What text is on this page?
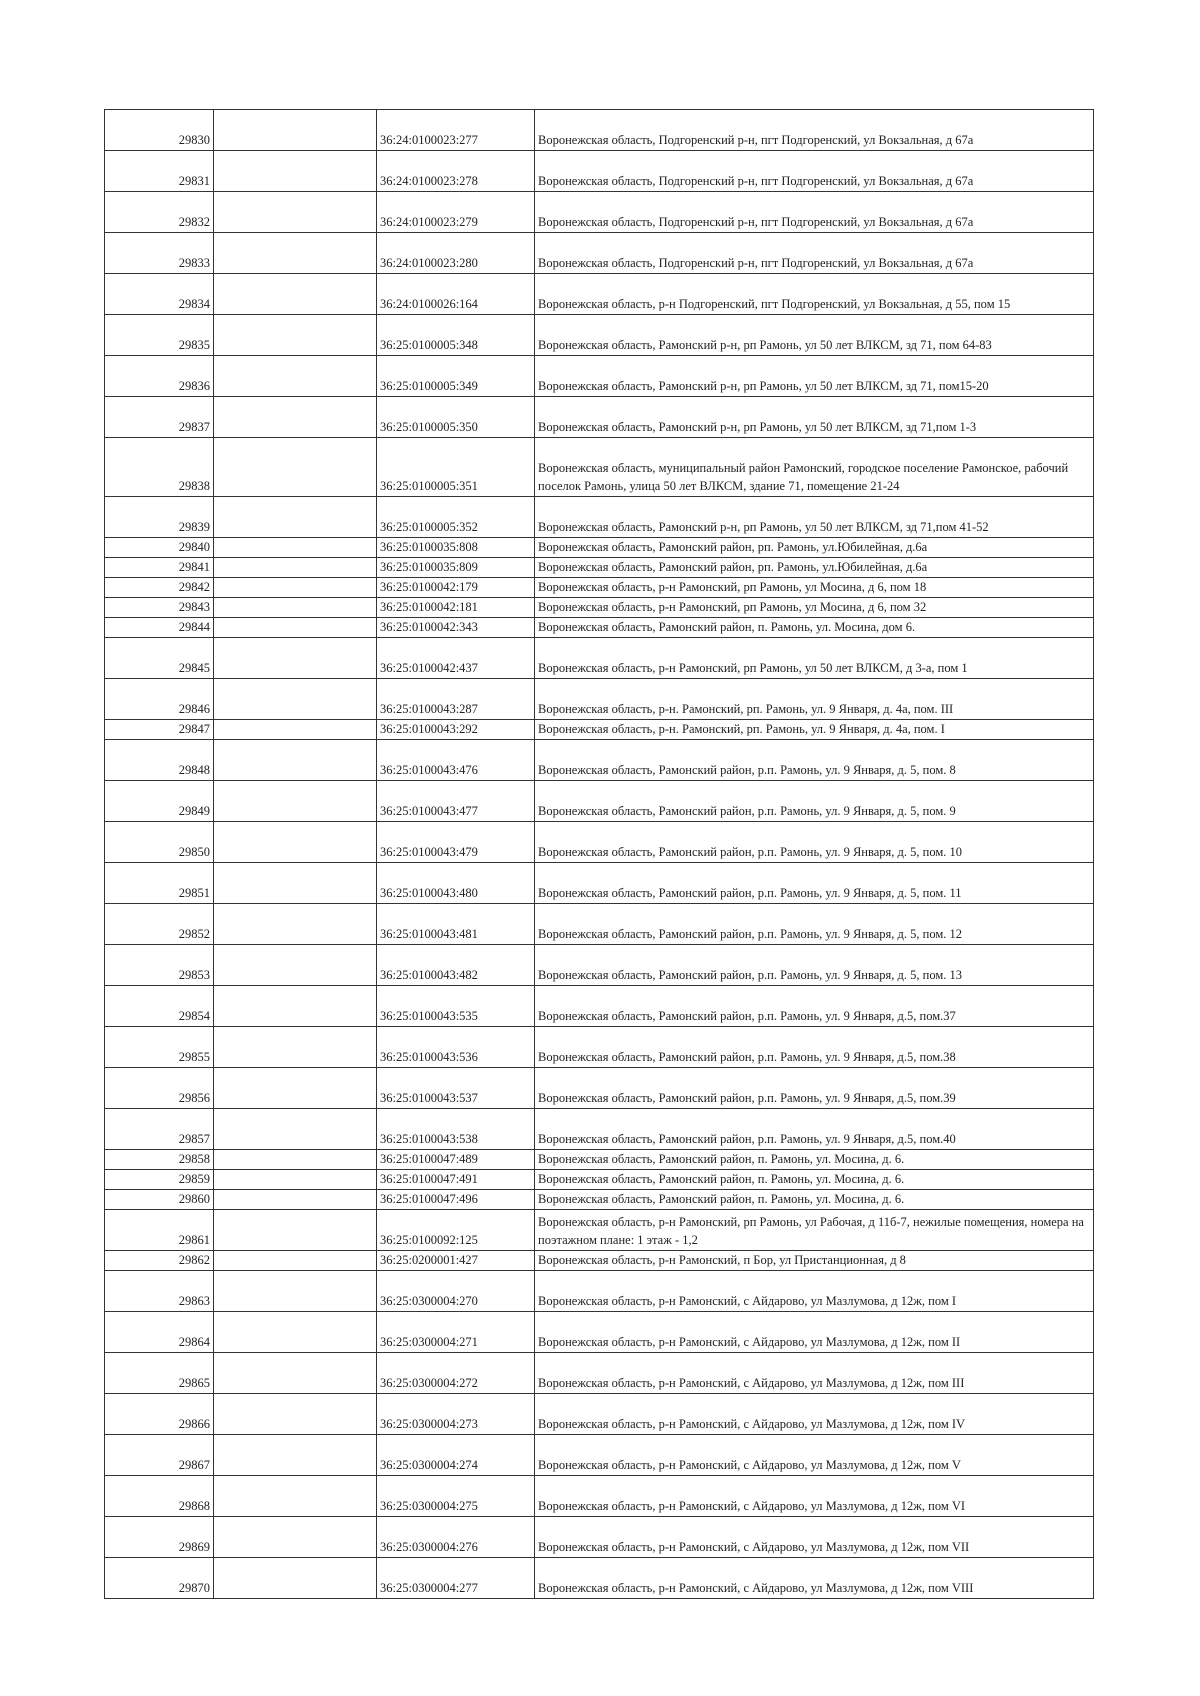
29830		36:24:0100023:277	Воронежская область, Подгоренский р-н, пгт Подгоренский, ул Вокзальная, д 67а
29831		36:24:0100023:278	Воронежская область, Подгоренский р-н, пгт Подгоренский, ул Вокзальная, д 67а
29832		36:24:0100023:279	Воронежская область, Подгоренский р-н, пгт Подгоренский, ул Вокзальная, д 67а
29833		36:24:0100023:280	Воронежская область, Подгоренский р-н, пгт Подгоренский, ул Вокзальная, д 67а
29834		36:24:0100026:164	Воронежская область, р-н Подгоренский, пгт Подгоренский, ул Вокзальная, д 55, пом 15
29835		36:25:0100005:348	Воронежская область, Рамонский р-н, рп Рамонь, ул 50 лет ВЛКСМ, зд 71, пом 64-83
29836		36:25:0100005:349	Воронежская область, Рамонский р-н, рп Рамонь, ул 50 лет ВЛКСМ, зд 71, пом15-20
29837		36:25:0100005:350	Воронежская область, Рамонский р-н, рп Рамонь, ул 50 лет ВЛКСМ, зд 71,пом 1-3
29838		36:25:0100005:351	Воронежская область, муниципальный район Рамонский, городское поселение Рамонское, рабочий поселок Рамонь, улица 50 лет ВЛКСМ, здание 71, помещение 21-24
29839		36:25:0100005:352	Воронежская область, Рамонский р-н, рп Рамонь, ул 50 лет ВЛКСМ, зд 71,пом 41-52
29840		36:25:0100035:808	Воронежская область, Рамонский район, рп. Рамонь, ул.Юбилейная, д.6а
29841		36:25:0100035:809	Воронежская область, Рамонский район, рп. Рамонь, ул.Юбилейная, д.6а
29842		36:25:0100042:179	Воронежская область, р-н Рамонский, рп Рамонь, ул Мосина, д 6, пом 18
29843		36:25:0100042:181	Воронежская область, р-н Рамонский, рп Рамонь, ул Мосина, д 6, пом 32
29844		36:25:0100042:343	Воронежская область, Рамонский район, п. Рамонь, ул. Мосина, дом 6.
29845		36:25:0100042:437	Воронежская область, р-н Рамонский, рп Рамонь, ул 50 лет ВЛКСМ, д 3-а, пом 1
29846		36:25:0100043:287	Воронежская область, р-н. Рамонский, рп. Рамонь, ул. 9 Января, д. 4а, пом. III
29847		36:25:0100043:292	Воронежская область, р-н. Рамонский, рп. Рамонь, ул. 9 Января, д. 4а, пом. I
29848		36:25:0100043:476	Воронежская область, Рамонский район, р.п. Рамонь, ул. 9 Января, д. 5, пом. 8
29849		36:25:0100043:477	Воронежская область, Рамонский район, р.п. Рамонь, ул. 9 Января, д. 5, пом. 9
29850		36:25:0100043:479	Воронежская область, Рамонский район, р.п. Рамонь, ул. 9 Января, д. 5, пом. 10
29851		36:25:0100043:480	Воронежская область, Рамонский район, р.п. Рамонь, ул. 9 Января, д. 5, пом. 11
29852		36:25:0100043:481	Воронежская область, Рамонский район, р.п. Рамонь, ул. 9 Января, д. 5, пом. 12
29853		36:25:0100043:482	Воронежская область, Рамонский район, р.п. Рамонь, ул. 9 Января, д. 5, пом. 13
29854		36:25:0100043:535	Воронежская область, Рамонский район, р.п. Рамонь, ул. 9 Января, д.5, пом.37
29855		36:25:0100043:536	Воронежская область, Рамонский район, р.п. Рамонь, ул. 9 Января, д.5, пом.38
29856		36:25:0100043:537	Воронежская область, Рамонский район, р.п. Рамонь, ул. 9 Января, д.5, пом.39
29857		36:25:0100043:538	Воронежская область, Рамонский район, р.п. Рамонь, ул. 9 Января, д.5, пом.40
29858		36:25:0100047:489	Воронежская область, Рамонский район, п. Рамонь, ул. Мосина, д. 6.
29859		36:25:0100047:491	Воронежская область, Рамонский район, п. Рамонь, ул. Мосина, д. 6.
29860		36:25:0100047:496	Воронежская область, Рамонский район, п. Рамонь, ул. Мосина, д. 6.
29861		36:25:0100092:125	Воронежская область, р-н Рамонский, рп Рамонь, ул Рабочая, д 11б-7, нежилые помещения, номера на поэтажном плане: 1 этаж - 1,2
29862		36:25:0200001:427	Воронежская область, р-н Рамонский, п Бор, ул Пристанционная, д 8
29863		36:25:0300004:270	Воронежская область, р-н Рамонский, с Айдарово, ул Мазлумова, д 12ж, пом I
29864		36:25:0300004:271	Воронежская область, р-н Рамонский, с Айдарово, ул Мазлумова, д 12ж, пом II
29865		36:25:0300004:272	Воронежская область, р-н Рамонский, с Айдарово, ул Мазлумова, д 12ж, пом III
29866		36:25:0300004:273	Воронежская область, р-н Рамонский, с Айдарово, ул Мазлумова, д 12ж, пом IV
29867		36:25:0300004:274	Воронежская область, р-н Рамонский, с Айдарово, ул Мазлумова, д 12ж, пом V
29868		36:25:0300004:275	Воронежская область, р-н Рамонский, с Айдарово, ул Мазлумова, д 12ж, пом VI
29869		36:25:0300004:276	Воронежская область, р-н Рамонский, с Айдарово, ул Мазлумова, д 12ж, пом VII
29870		36:25:0300004:277	Воронежская область, р-н Рамонский, с Айдарово, ул Мазлумова, д 12ж, пом VIII
